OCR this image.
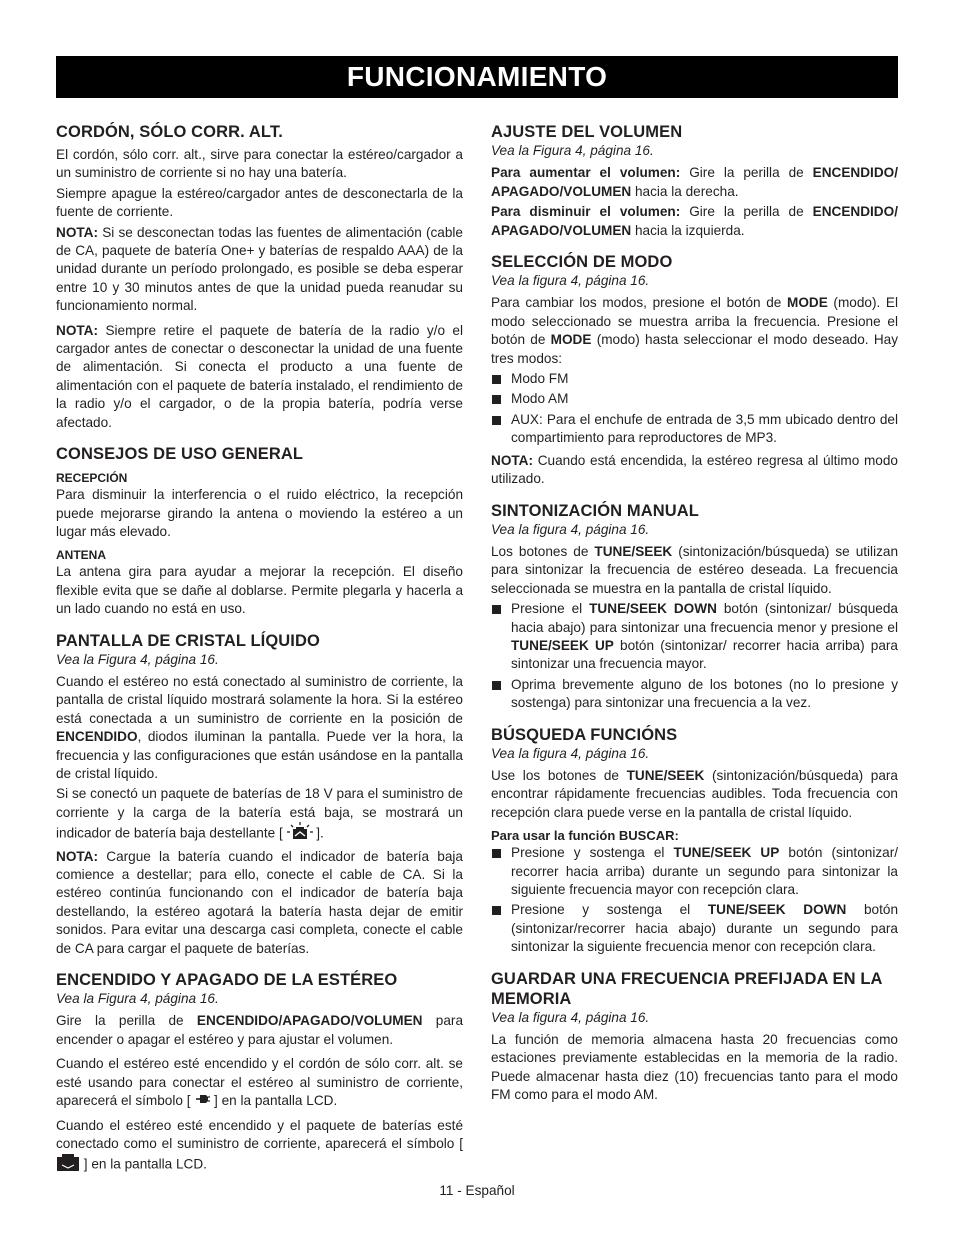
FUNCIONAMIENTO
CORDÓN, SÓLO CORR. ALT.

El cordón, sólo corr. alt., sirve para conectar la estéreo/cargador a un suministro de corriente si no hay una batería.

Siempre apague la estéreo/cargador antes de desconectarla de la fuente de corriente.

NOTA: Si se desconectan todas las fuentes de alimentación (cable de CA, paquete de batería One+ y baterías de respaldo AAA) de la unidad durante un período prolongado, es posible se deba esperar entre 10 y 30 minutos antes de que la unidad pueda reanudar su funcionamiento normal.

NOTA: Siempre retire el paquete de batería de la radio y/o el cargador antes de conectar o desconectar la unidad de una fuente de alimentación. Si conecta el producto a una fuente de alimentación con el paquete de batería instalado, el rendimiento de la radio y/o el cargador, o de la propia batería, podría verse afectado.

CONSEJOS DE USO GENERAL
RECEPCIÓN

Para disminuir la interferencia o el ruido eléctrico, la recepción puede mejorarse girando la antena o moviendo la estéreo a un lugar más elevado.

ANTENA

La antena gira para ayudar a mejorar la recepción. El diseño flexible evita que se dañe al doblarse. Permite plegarla y hacerla a un lado cuando no está en uso.

PANTALLA DE CRISTAL LÍQUIDO
Vea la Figura 4, página 16.

Cuando el estéreo no está conectado al suministro de corriente, la pantalla de cristal líquido mostrará solamente la hora. Si la estéreo está conectada a un suministro de corriente en la posición de ENCENDIDO, diodos iluminan la pantalla. Puede ver la hora, la frecuencia y las configuraciones que están usándose en la pantalla de cristal líquido.

Si se conectó un paquete de baterías de 18 V para el suministro de corriente y la carga de la batería está baja, se mostrará un indicador de batería baja destellante [  ].

NOTA: Cargue la batería cuando el indicador de batería baja comience a destellar; para ello, conecte el cable de CA. Si la estéreo continúa funcionando con el indicador de batería baja destellando, la estéreo agotará la batería hasta dejar de emitir sonidos. Para evitar una descarga casi completa, conecte el cable de CA para cargar el paquete de baterías.

ENCENDIDO Y APAGADO DE LA ESTÉREO
Vea la Figura 4, página 16.

Gire la perilla de ENCENDIDO/APAGADO/VOLUMEN para encender o apagar el estéreo y para ajustar el volumen.

Cuando el estéreo esté encendido y el cordón de sólo corr. alt. se esté usando para conectar el estéreo al suministro de corriente, aparecerá el símbolo [  ] en la pantalla LCD.

Cuando el estéreo esté encendido y el paquete de baterías esté conectado como el suministro de corriente, aparecerá el símbolo [  ] en la pantalla LCD.

AJUSTE DEL VOLUMEN
Vea la Figura 4, página 16.

Para aumentar el volumen: Gire la perilla de ENCENDIDO/ APAGADO/VOLUMEN hacia la derecha.

Para disminuir el volumen: Gire la perilla de ENCENDIDO/ APAGADO/VOLUMEN hacia la izquierda.

SELECCIÓN DE MODO
Vea la figura 4, página 16.

Para cambiar los modos, presione el botón de MODE (modo). El modo seleccionado se muestra arriba la frecuencia. Presione el botón de MODE (modo) hasta seleccionar el modo deseado. Hay tres modos:

Modo FM
Modo AM
AUX: Para el enchufe de entrada de 3,5 mm ubicado dentro del compartimiento para reproductores de MP3.

NOTA: Cuando está encendida, la estéreo regresa al último modo utilizado.

SINTONIZACIÓN MANUAL
Vea la figura 4, página 16.

Los botones de TUNE/SEEK (sintonización/búsqueda) se utilizan para sintonizar la frecuencia de estéreo deseada. La frecuencia seleccionada se muestra en la pantalla de cristal líquido.

Presione el TUNE/SEEK DOWN botón (sintonizar/ búsqueda hacia abajo) para sintonizar una frecuencia menor y presione el TUNE/SEEK UP botón (sintonizar/ recorrer hacia arriba) para sintonizar una frecuencia mayor.
Oprima brevemente alguno de los botones (no lo presione y sostenga) para sintonizar una frecuencia a la vez.
BÚSQUEDA FUNCIÓNS
Vea la figura 4, página 16.

Use los botones de TUNE/SEEK (sintonización/búsqueda) para encontrar rápidamente frecuencias audibles. Toda frecuencia con recepción clara puede verse en la pantalla de cristal líquido.

Para usar la función BUSCAR:
Presione y sostenga el TUNE/SEEK UP botón (sintonizar/ recorrer hacia arriba) durante un segundo para sintonizar la siguiente frecuencia mayor con recepción clara.
Presione y sostenga el TUNE/SEEK DOWN botón (sintonizar/recorrer hacia abajo) durante un segundo para sintonizar la siguiente frecuencia menor con recepción clara.
GUARDAR UNA FRECUENCIA PREFIJADA EN LA MEMORIA
Vea la figura 4, página 16.

La función de memoria almacena hasta 20 frecuencias como estaciones previamente establecidas en la memoria de la radio. Puede almacenar hasta diez (10) frecuencias tanto para el modo FM como para el modo AM.

11 - Español
